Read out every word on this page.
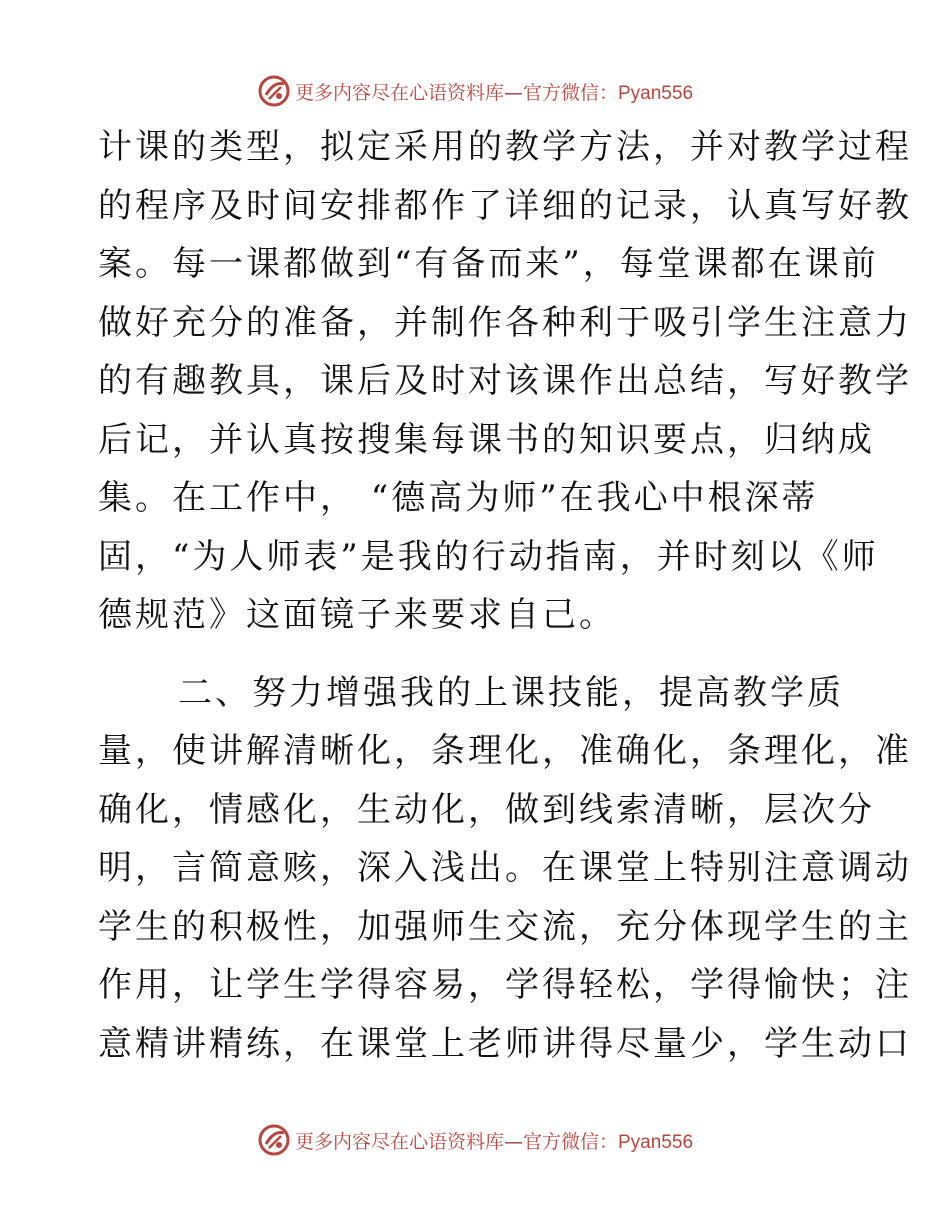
更多内容尽在心语资料库—官方微信：Pyan556
计课的类型，拟定采用的教学方法，并对教学过程
的程序及时间安排都作了详细的记录，认真写好教
案。每一课都做到“有备而来”，每堂课都在课前
做好充分的准备，并制作各种利于吸引学生注意力
的有趣教具，课后及时对该课作出总结，写好教学
后记，并认真按搜集每课书的知识要点，归纳成
集。在工作中， “德高为师”在我心中根深蒂
固，“为人师表”是我的行动指南，并时刻以《师
德规范》这面镜子来要求自己。
二、努力增强我的上课技能，提高教学质
量，使讲解清晰化，条理化，准确化，条理化，准
确化，情感化，生动化，做到线索清晰，层次分
明，言简意赅，深入浅出。在课堂上特别注意调动
学生的积极性，加强师生交流，充分体现学生的主
作用，让学生学得容易，学得轻松，学得愉快；注
意精讲精练，在课堂上老师讲得尽量少，学生动口
更多内容尽在心语资料库—官方微信：Pyan556
